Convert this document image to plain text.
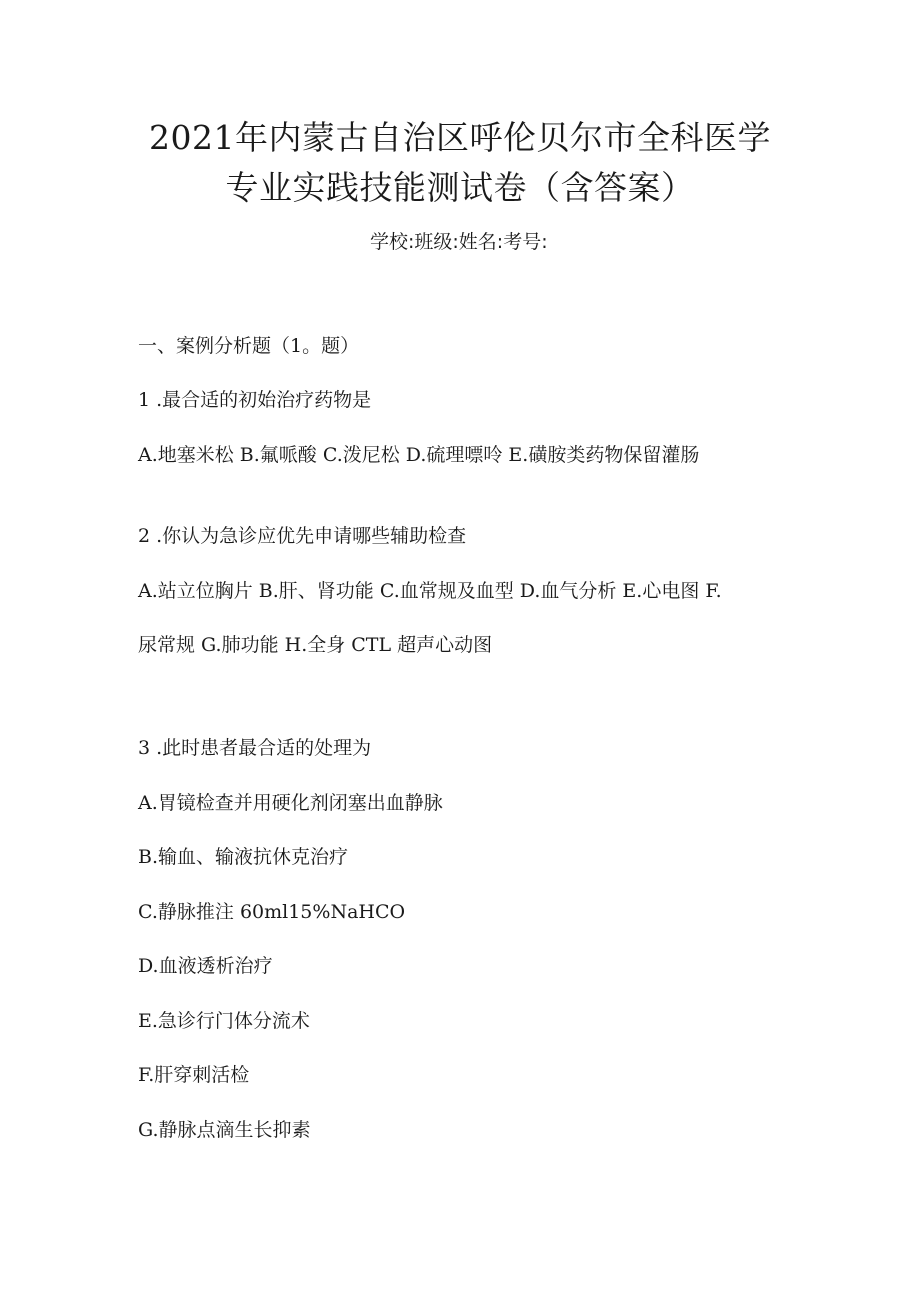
2021年内蒙古自治区呼伦贝尔市全科医学
专业实践技能测试卷（含答案）
学校:班级:姓名:考号:
一、案例分析题（1。题）
1 .最合适的初始治疗药物是
A.地塞米松 B.氟哌酸 C.泼尼松 D.硫理嘌呤 E.磺胺类药物保留灌肠
2 .你认为急诊应优先申请哪些辅助检查
A.站立位胸片 B.肝、肾功能 C.血常规及血型 D.血气分析 E.心电图 F.
尿常规 G.肺功能 H.全身 CTL 超声心动图
3 .此时患者最合适的处理为
A.胃镜检查并用硬化剂闭塞出血静脉
B.输血、输液抗休克治疗
C.静脉推注 60ml15%NaHCO
D.血液透析治疗
E.急诊行门体分流术
F.肝穿刺活检
G.静脉点滴生长抑素
